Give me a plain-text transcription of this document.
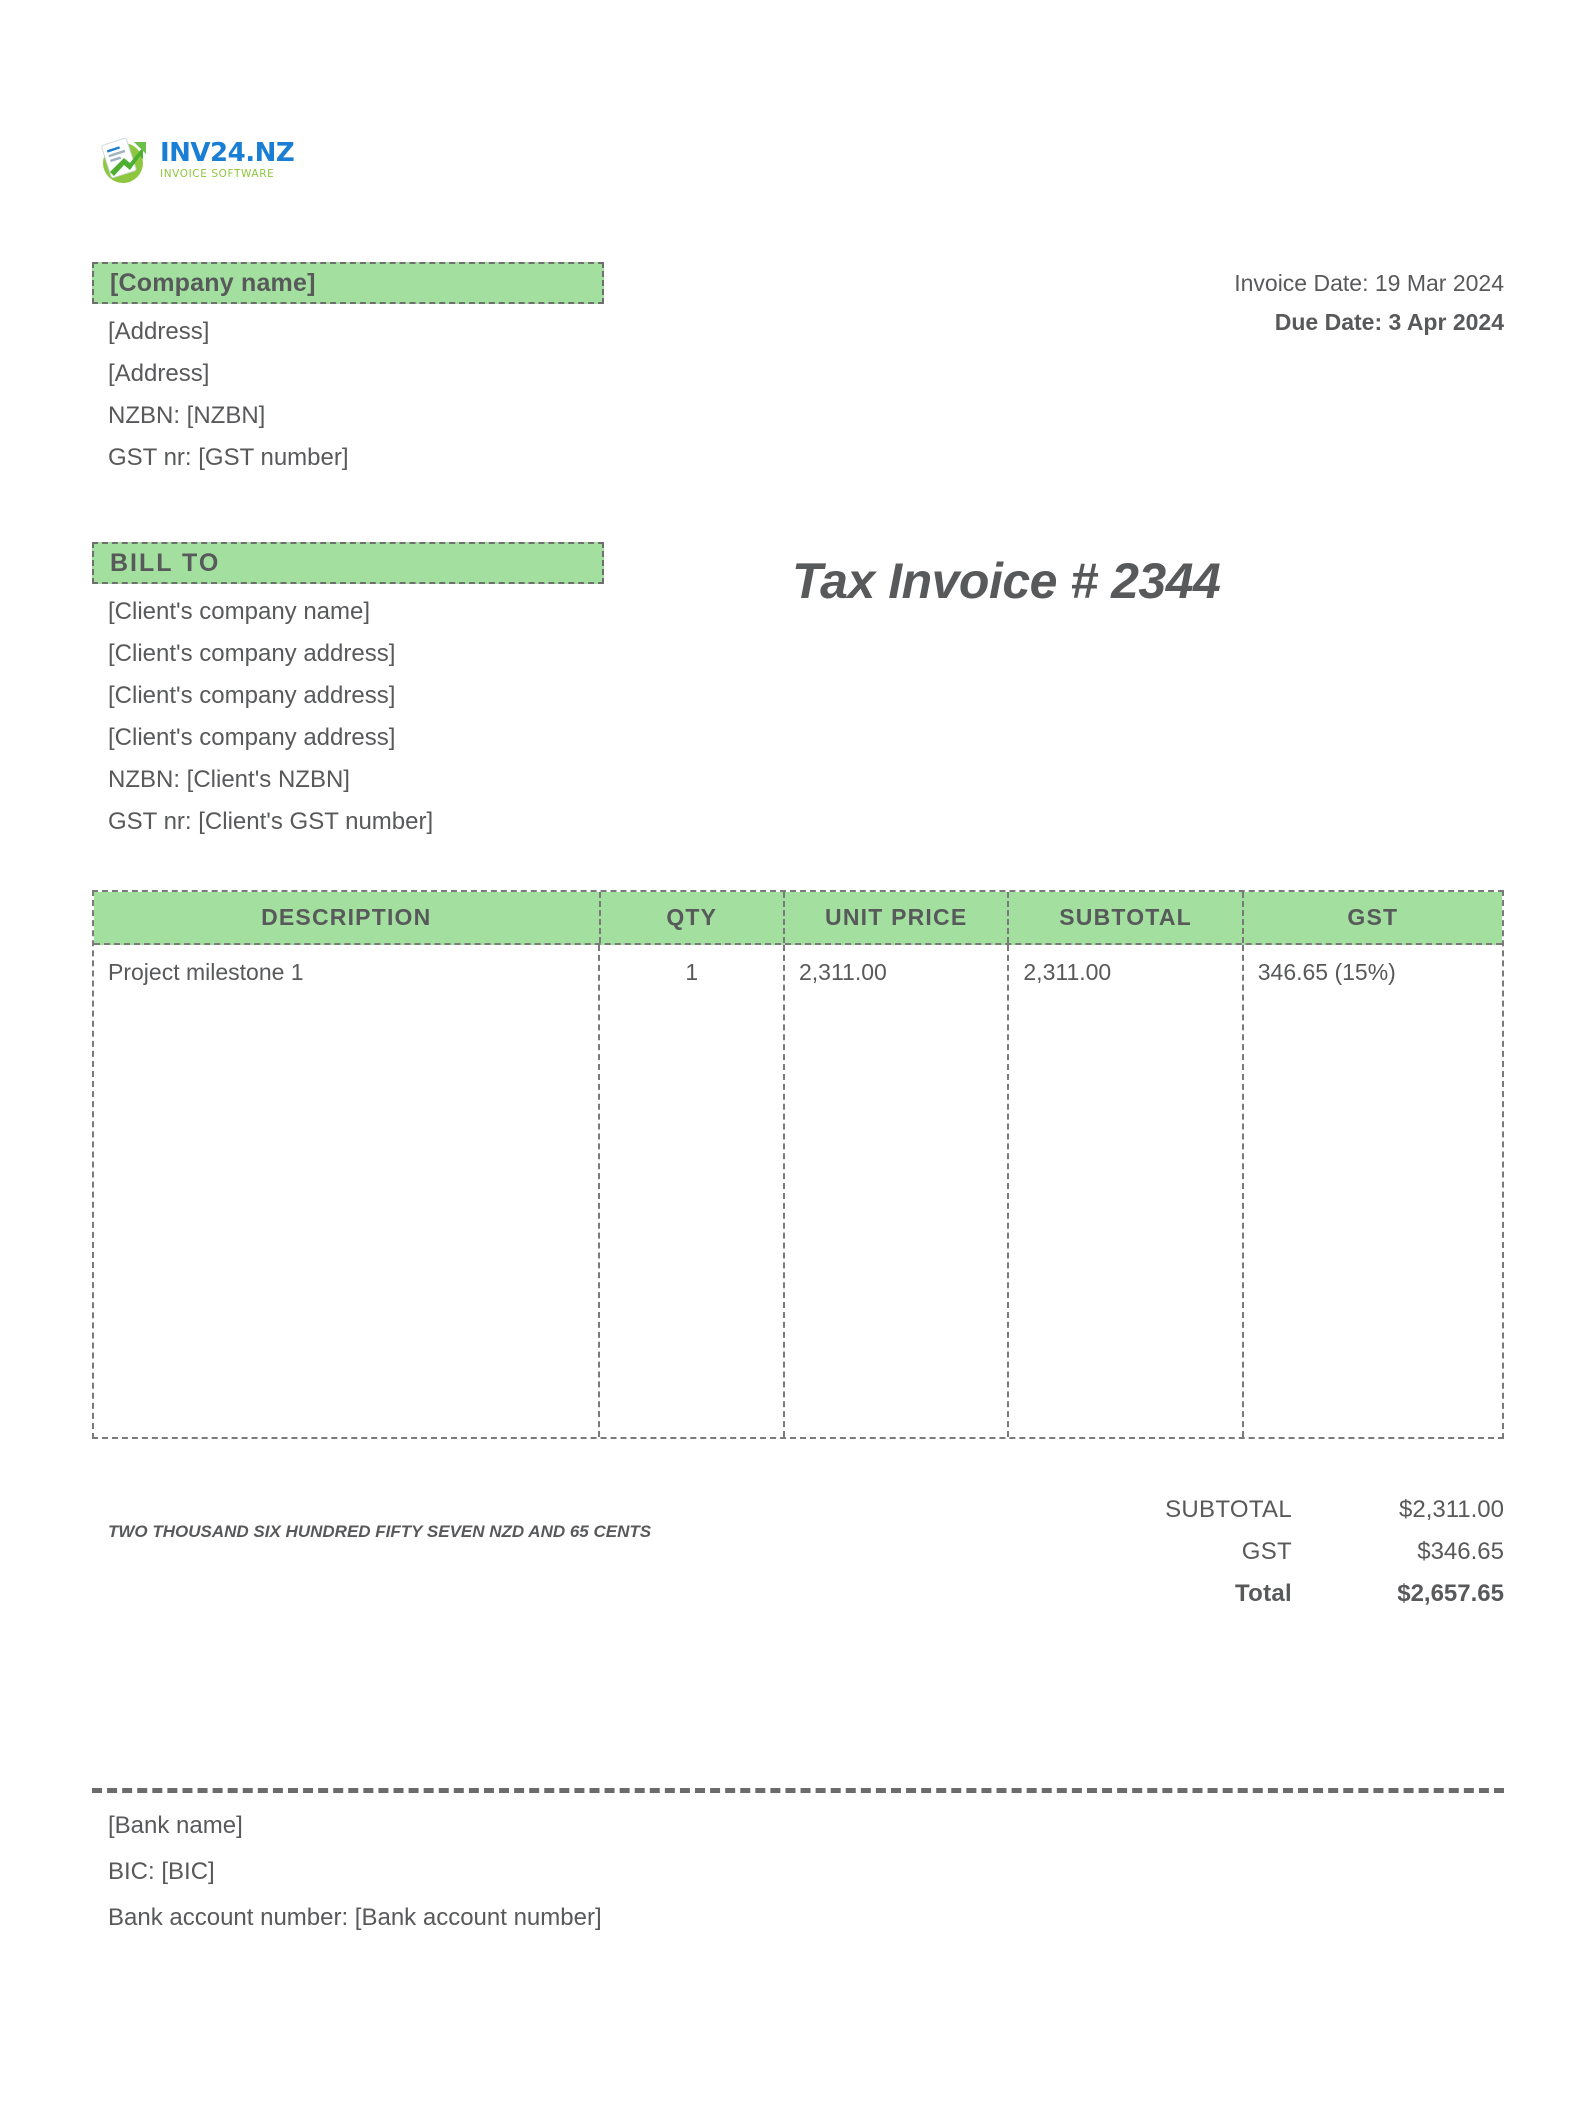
INV24.NZ
INVOICE SOFTWARE
[Company name]
[Address]
[Address]
NZBN: [NZBN]
GST nr: [GST number]
Invoice Date: 19 Mar 2024
Due Date: 3 Apr 2024
BILL TO
[Client's company name]
[Client's company address]
[Client's company address]
[Client's company address]
NZBN: [Client's NZBN]
GST nr: [Client's GST number]
Tax Invoice # 2344
DESCRIPTION	QTY	UNIT PRICE	SUBTOTAL	GST
Project milestone 1	1	2,311.00	2,311.00	346.65 (15%)
TWO THOUSAND SIX HUNDRED FIFTY SEVEN NZD AND 65 CENTS
SUBTOTAL	$2,311.00
GST	$346.65
Total	$2,657.65
[Bank name]
BIC: [BIC]
Bank account number: [Bank account number]
